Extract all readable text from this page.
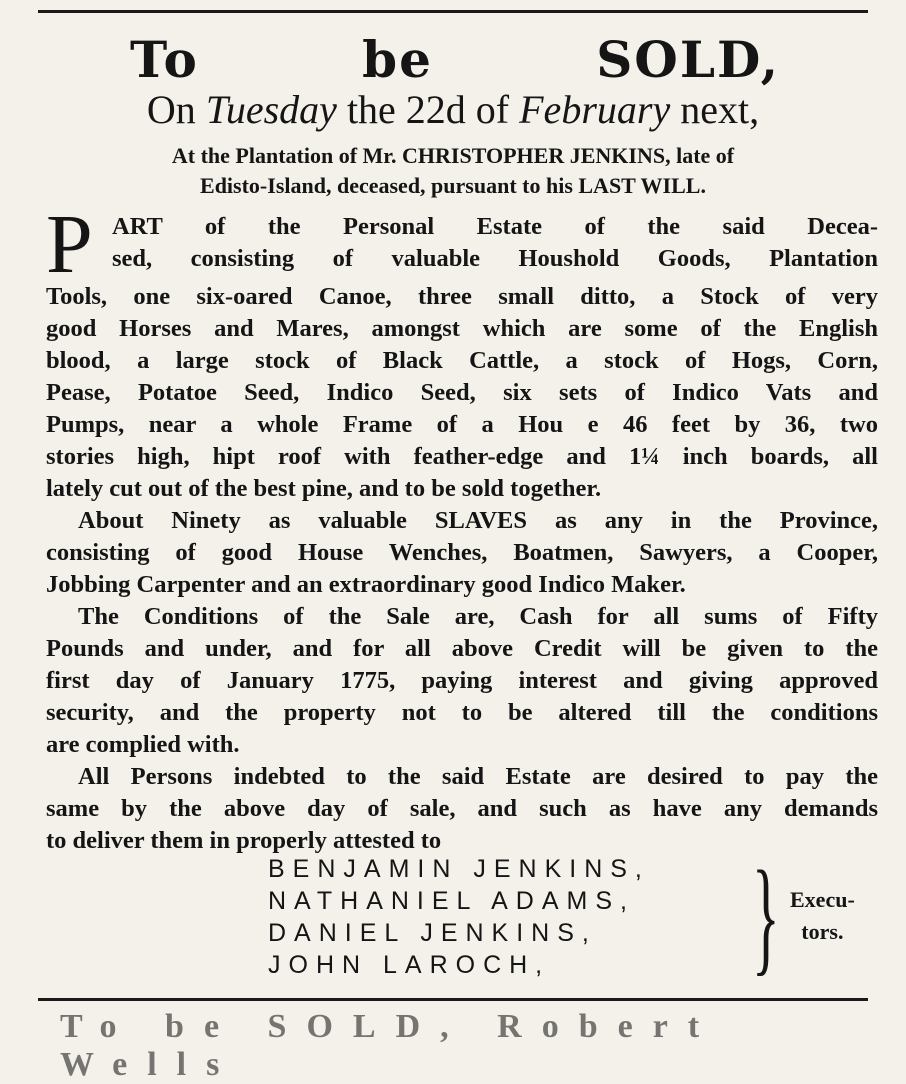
To be SOLD,
On Tuesday the 22d of February next,
At the Plantation of Mr. CHRISTOPHER JENKINS, late of
Edisto-Island, deceased, pursuant to his LAST WILL.
P ART of the Personal Estate of the said Decea-
sed, consisting of valuable Houshold Goods, Plantation
Tools, one six-oared Canoe, three small ditto, a Stock of very
good Horses and Mares, amongst which are some of the English
blood, a large stock of Black Cattle, a stock of Hogs, Corn,
Pease, Potatoe Seed, Indico Seed, six sets of Indico Vats and
Pumps, near a whole Frame of a Hou e 46 feet by 36, two
stories high, hipt roof with feather-edge and 1¼ inch boards, all
lately cut out of the best pine, and to be sold together.
About Ninety as valuable SLAVES as any in the Province,
consisting of good House Wenches, Boatmen, Sawyers, a Cooper,
Jobbing Carpenter and an extraordinary good Indico Maker.
The Conditions of the Sale are, Cash for all sums of Fifty
Pounds and under, and for all above Credit will be given to the
first day of January 1775, paying interest and giving approved
security, and the property not to be altered till the conditions
are complied with.
All Persons indebted to the said Estate are desired to pay the
same by the above day of sale, and such as have any demands
to deliver them in properly attested to
BENJAMIN JENKINS,
NATHANIEL ADAMS,
DANIEL JENKINS,
JOHN LAROCH, } Execu-
tors.
To be SOLD, Robert Wells
